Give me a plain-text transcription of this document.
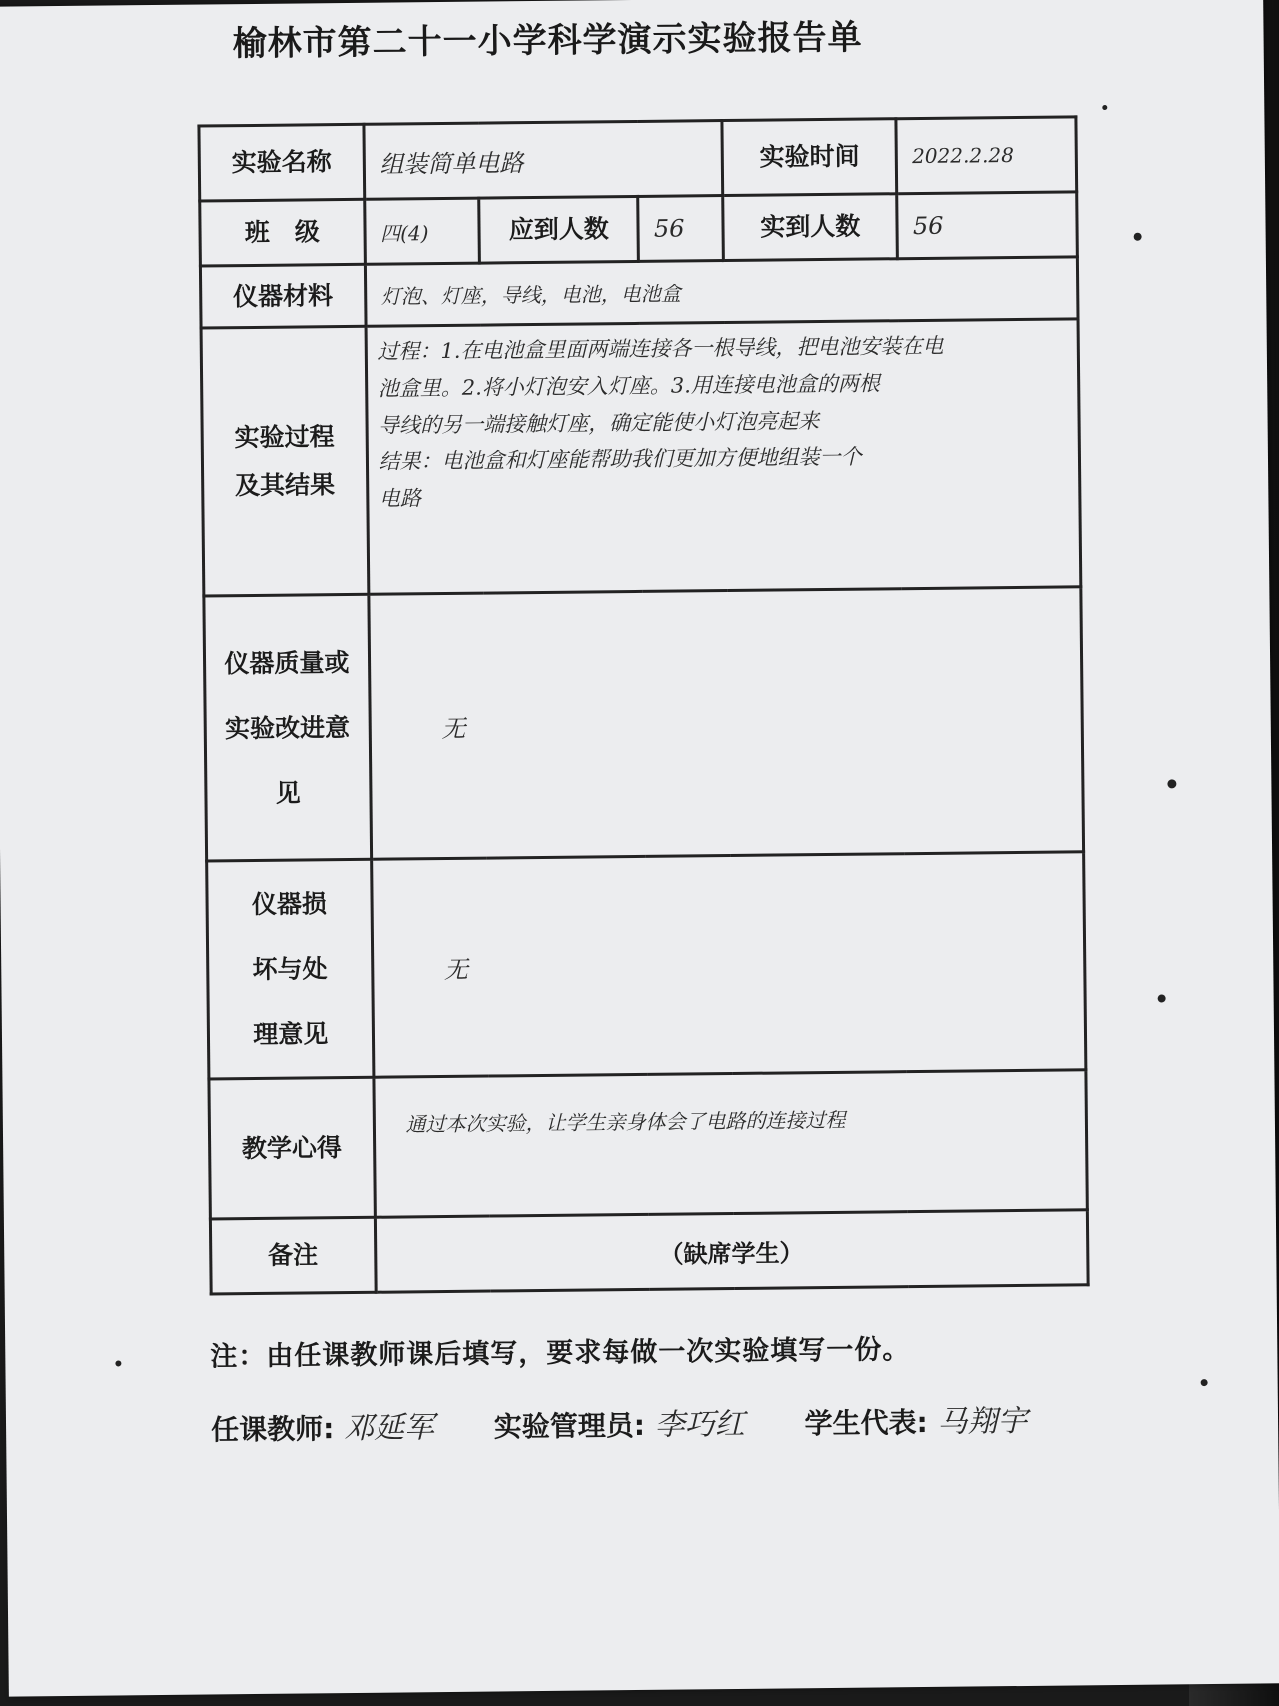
榆林市第二十一小学科学演示实验报告单
实验名称	组装简单电路			实验时间	2022.2.28
班　级	四(4)	应到人数	56	实到人数	56
仪器材料	灯泡、灯座，导线，电池，电池盒				
实验过程及其结果	过程：1.在电池盒里面两端连接各一根导线，把电池安装在电
池盒里。2.将小灯泡安入灯座。3.用连接电池盒的两根
导线的另一端接触灯座，确定能使小灯泡亮起来
结果：电池盒和灯座能帮助我们更加方便地组装一个
电路				

仪器质量或实验改进意见	无				
仪器损坏与处理意见	无				
教学心得	通过本次实验，让学生亲身体会了电路的连接过程				
备注	（缺席学生）				
注：由任课教师课后填写，要求每做一次实验填写一份。
任课教师: 邓延军 实验管理员: 李巧红 学生代表: 马翔宇
